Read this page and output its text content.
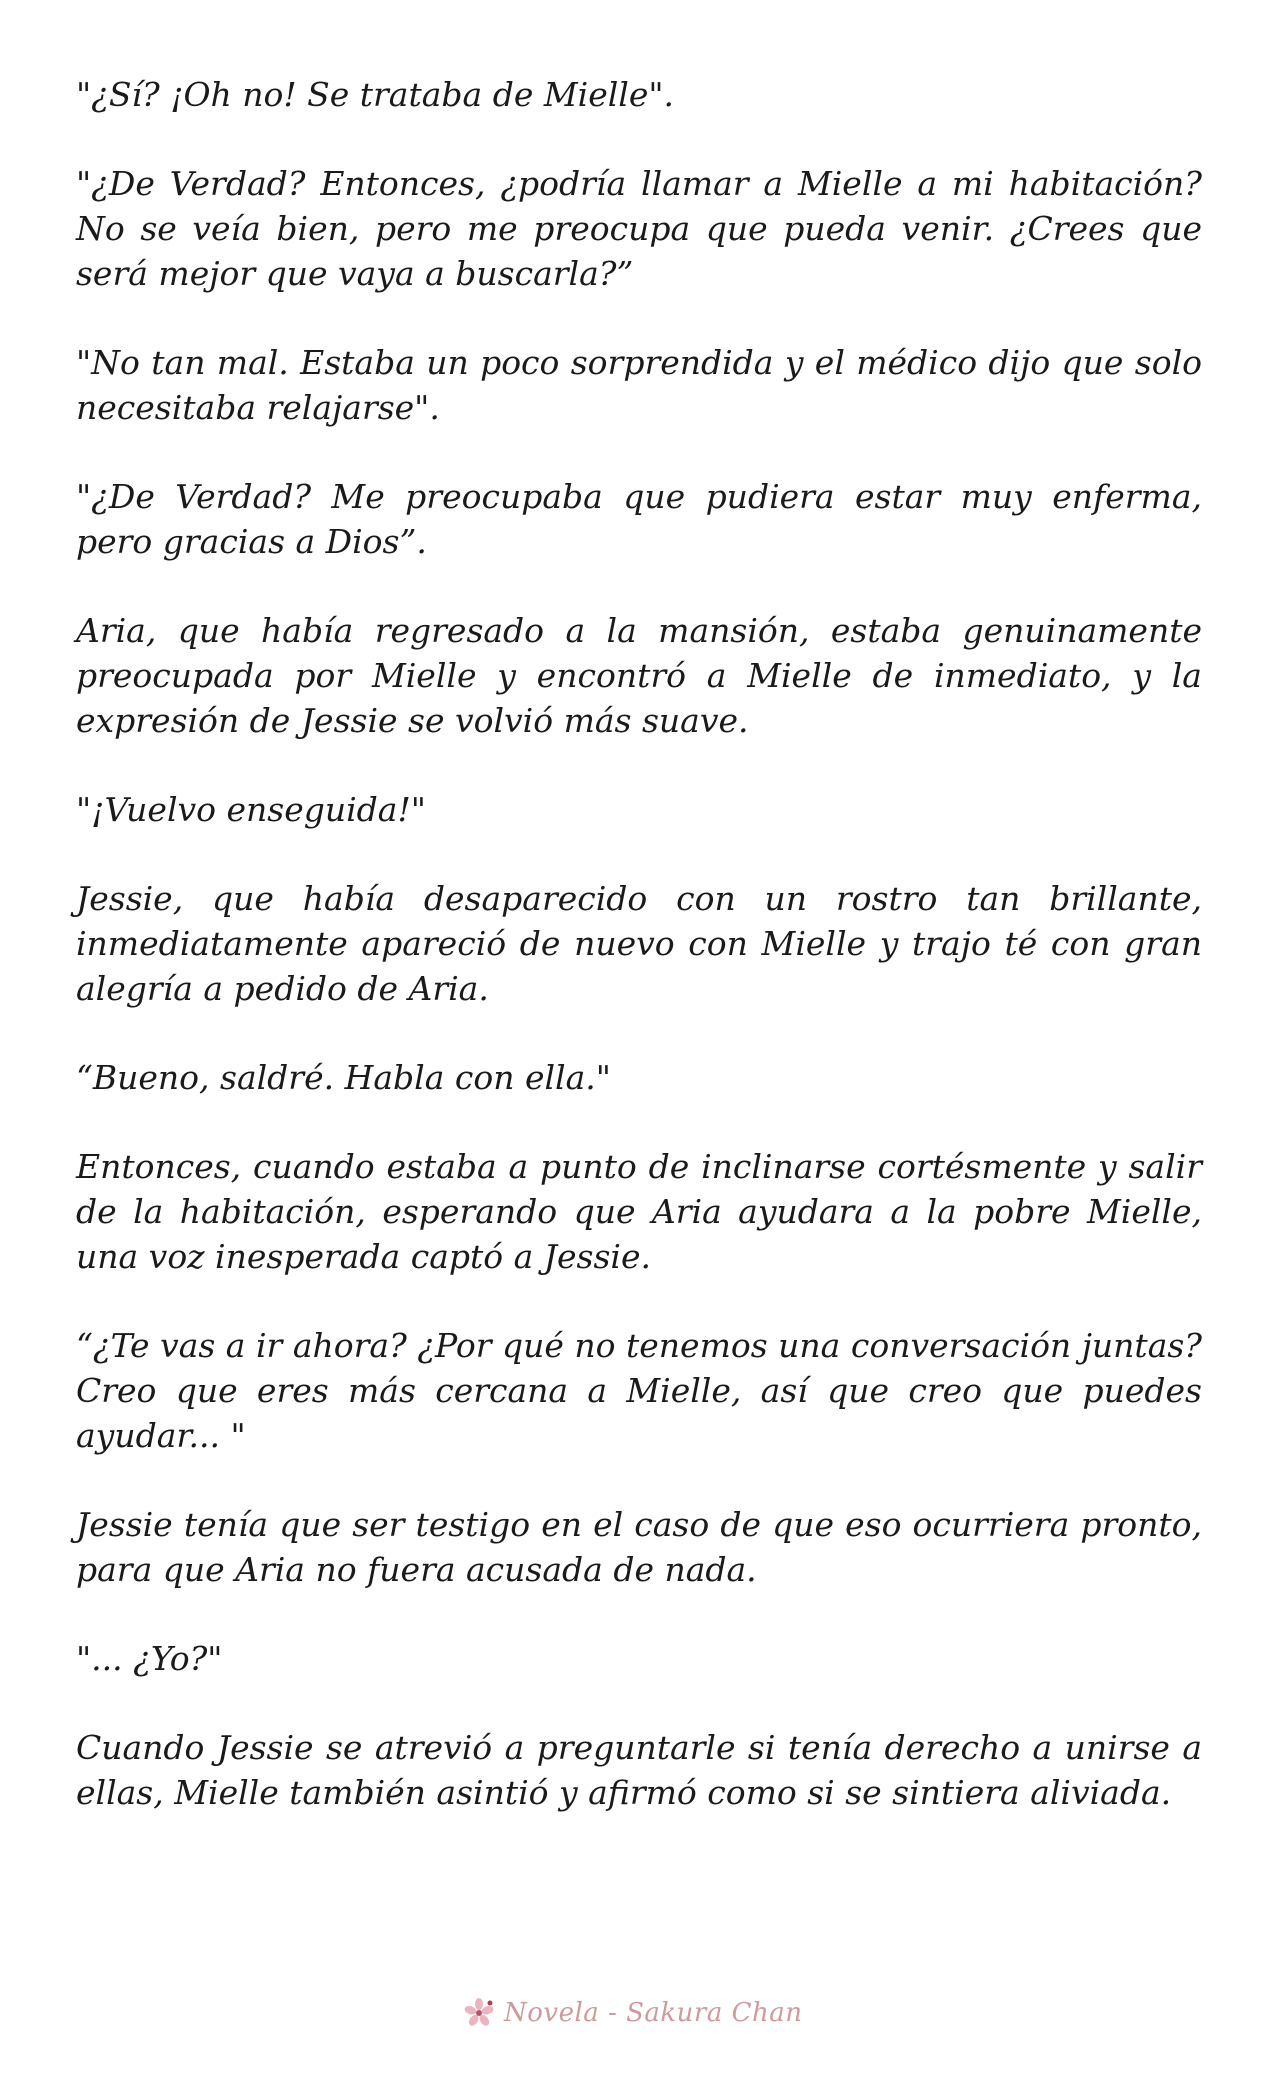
"¿Sí? ¡Oh no! Se trataba de Mielle".

"¿De Verdad? Entonces, ¿podría llamar a Mielle a mi habitación? No se veía bien, pero me preocupa que pueda venir. ¿Crees que será mejor que vaya a buscarla?”

"No tan mal. Estaba un poco sorprendida y el médico dijo que solo necesitaba relajarse".

"¿De Verdad? Me preocupaba que pudiera estar muy enferma, pero gracias a Dios”.

Aria, que había regresado a la mansión, estaba genuinamente preocupada por Mielle y encontró a Mielle de inmediato, y la expresión de Jessie se volvió más suave.

"¡Vuelvo enseguida!"

Jessie, que había desaparecido con un rostro tan brillante, inmediatamente apareció de nuevo con Mielle y trajo té con gran alegría a pedido de Aria.

“Bueno, saldré. Habla con ella."

Entonces, cuando estaba a punto de inclinarse cortésmente y salir de la habitación, esperando que Aria ayudara a la pobre Mielle, una voz inesperada captó a Jessie.

“¿Te vas a ir ahora? ¿Por qué no tenemos una conversación juntas? Creo que eres más cercana a Mielle, así que creo que puedes ayudar... "

Jessie tenía que ser testigo en el caso de que eso ocurriera pronto, para que Aria no fuera acusada de nada.

"... ¿Yo?"

Cuando Jessie se atrevió a preguntarle si tenía derecho a unirse a ellas, Mielle también asintió y afirmó como si se sintiera aliviada.

Novela - Sakura Chan
